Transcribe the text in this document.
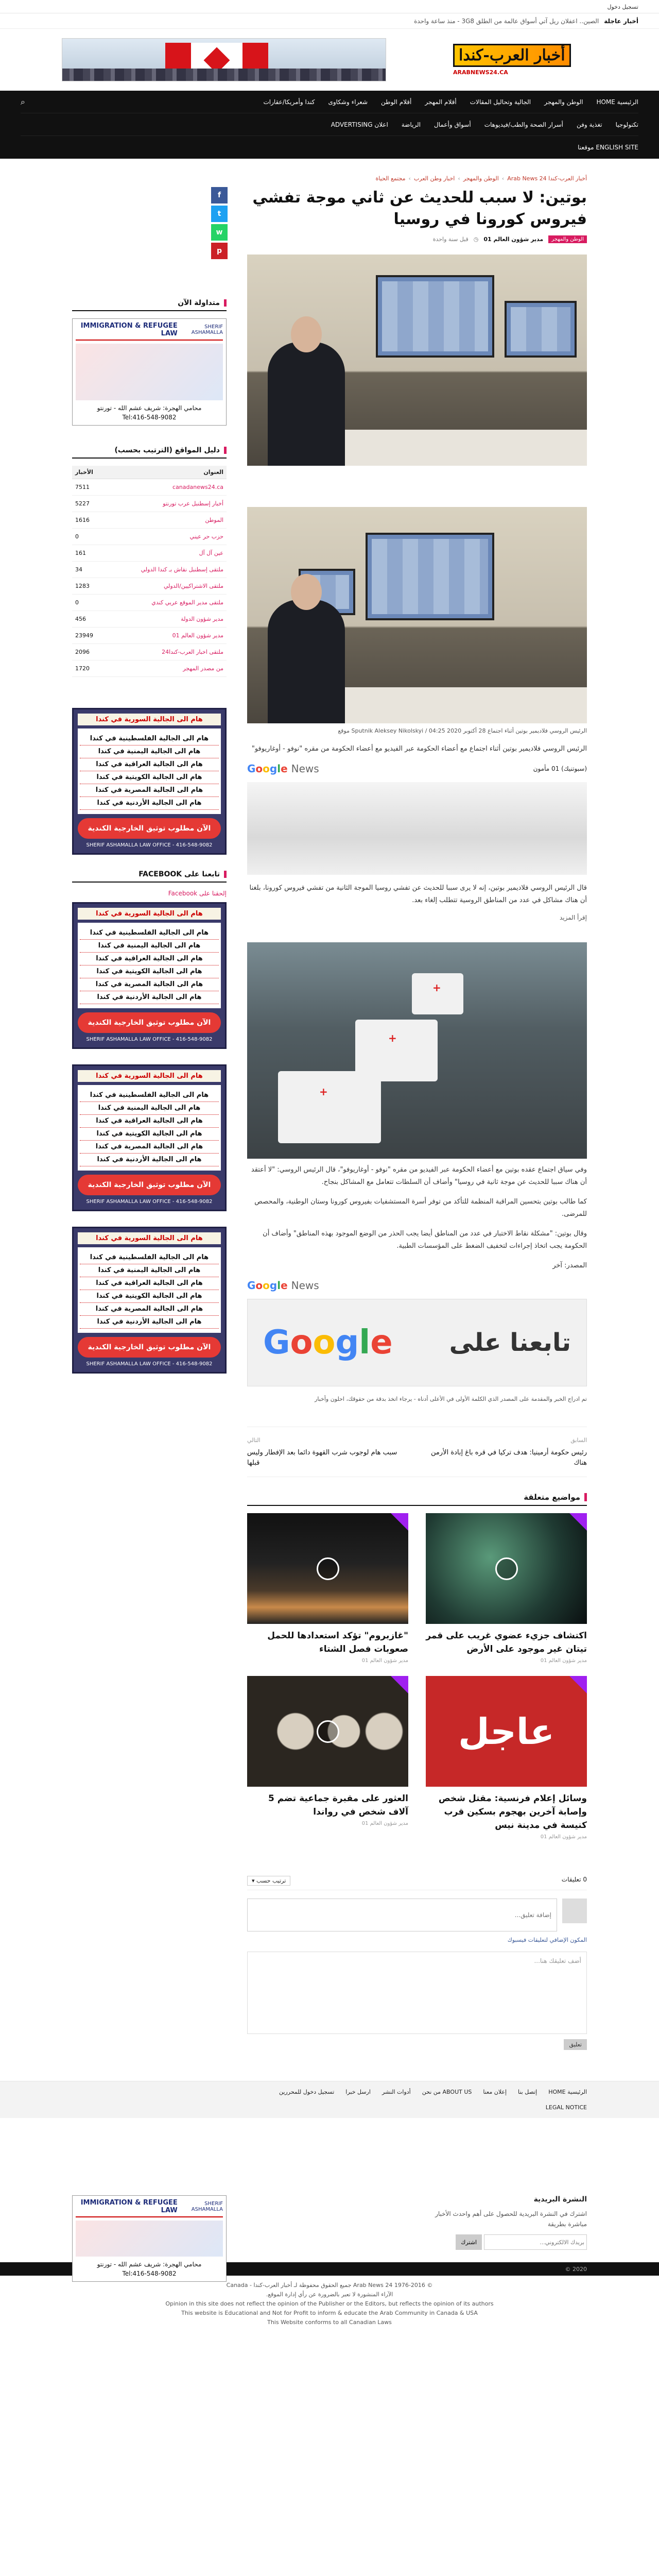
تسجيل دخول
أخبار عاجلة
الصين.. اعفلان ريل آتي أسواق عالمة من الطلق 3G8 - منذ ساعة واحدة
أخبار العرب-كندا
ARABNEWS24.CA
الرئيسية HOME
الوطن والمهجر
الجالية وتحاليل المقالات
أقلام المهجر
أقلام الوطن
شعراء وشكاوى
كندا وأمريكا/عقارات
⌕
تكنولوجيا
تغذية وفن
أسرار الصحة والطب/فيديوهات
أسواق وأعمال
الرياضة
اعلان ADVERTISING
ENGLISH SITE موقعنا
أخبار العرب-كندا Arab News 24
›
الوطن والمهجر
›
اخبار وطن العرب
›
مجتمع الحياة
f
t
w
p
بوتين: لا سبب للحديث عن ثاني موجة تفشي فيروس كورونا في روسيا
الوطن والمهجر
مدير شؤون العالم 01
◷
قبل سنة واحدة

الرئيس الروسي فلاديمير بوتين أثناء اجتماع 28 أكتوبر 2020 Sputnik Aleksey Nikolskyi / 04:25 موقع

الرئيس الروسي فلاديمير بوتين أثناء اجتماع مع أعضاء الحكومة عبر الفيديو مع أعضاء الحكومة من مقره "نوفو - أوغاريوفو"

(سبوتنيك) 01 مأمون
Google News

قال الرئيس الروسي فلاديمير بوتين، إنه لا يرى سببا للحديث عن تفشي روسيا الموجة الثانية من تفشي فيروس كورونا، بلغنا أن هناك مشاكل في عدد من المناطق الروسية تتطلب إلغاء بعد.

إقرأ المزيد
+
+
+

وفي سياق اجتماع عقده بوتين مع أعضاء الحكومة عبر الفيديو من مقره "نوفو - أوغاريوفو"، قال الرئيس الروسي: "لا أعتقد أن هناك سببا للحديث عن موجة ثانية في روسيا" وأضاف أن السلطات تتعامل مع المشاكل بنجاح.

كما طالب بوتين بتحسين المراقبة المنظمة للتأكد من توفر أسرة المستشفيات بفيروس كورونا وستان الوطنية، والمحصص للمرضى.

وقال بوتين: "مشكلة نقاط الاختبار في عدد من المناطق أيضا يجب الحذر من الوضع الموجود بهذه المناطق" وأضاف أن الحكومة يجب اتخاذ إجراءات لتخفيف الضغط على المؤسسات الطبية.

المصدر: آخر

Google News
تابعنا على
Google

تم ادراج الخبر والمقدمة على المصدر الذي الكلمة الأولى في الأعلى أدناه - يرجاء اتخذ بدقة من حقوقك، احلون وأخبار

السابق
رئيس حكومة أرمينيا: هدف تركيا في قره باغ إبادة الأرمن هناك
التالي
سبب هام لوجوب شرب القهوة دائما بعد الإفطار وليس قبلها
مواضيع متعلقة
اكتشاف جزيء عضوي غريب على قمر تيتان غير موجود على الأرض
مدير شؤون العالم 01
"غازبروم" تؤكد استعدادها للحمل صعوبات فصل الشتاء
مدير شؤون العالم 01
عاجل
وسائل إعلام فرنسية: مقتل شخص وإصابة آخرين بهجوم بسكين قرب كنيسة في مدينة نيس
مدير شؤون العالم 01
العثور على مقبرة جماعية تضم 5 آلاف شخص في رواندا
مدير شؤون العالم 01
0 تعليقات
ترتيب حسب ▾
إضافة تعليق...
المكون الإضافي لتعليقات فيسبوك
أضف تعليقك هنا...
تعليق
متداولة الآن
SHERIF ASHAMALLA
IMMIGRATION & REFUGEE LAW
محامي الهجرة: شريف عشم الله - تورنتو
Tel:416-548-9082
دليل المواقع (الترتيب بحسب)
العنوان	الأخبار
canadanews24.ca	7511
أخبار إسطنبل عرب تورنتو	5227
الموطن	1616
حزب حر عيني	0
عين آل آل	161
ملتقى إسطنبل نقاش بـ كندا الدولي	34
ملتقى الاشتراكيين/الدولي	1283
ملتقى مدير الموقع عربي كندي	0
مدير شؤون الدولة	456
مدير شؤون العالم 01	23949
ملتقى اخبار العرب-كندا24	2096
من مصدر المهجر	1720
هام الى الجالية السورية في كندا
هام الى الجالية الفلسطينية في كندا
هام الى الجالية اليمنية في كندا
هام الى الجالية العراقية في كندا
هام الى الجالية الكويتية في كندا
هام الى الجالية المصرية في كندا
هام الى الجالية الأردنية في كندا
الآن مطلوب توثيق الخارجية الكندية
SHERIF ASHAMALLA LAW OFFICE - 416-548-9082
تابعنا على FACEBOOK
إلحقنا على Facebook
هام الى الجالية السورية في كندا
هام الى الجالية الفلسطينية في كندا
هام الى الجالية اليمنية في كندا
هام الى الجالية العراقية في كندا
هام الى الجالية الكويتية في كندا
هام الى الجالية المصرية في كندا
هام الى الجالية الأردنية في كندا
الآن مطلوب توثيق الخارجية الكندية
SHERIF ASHAMALLA LAW OFFICE - 416-548-9082
هام الى الجالية السورية في كندا
هام الى الجالية الفلسطينية في كندا
هام الى الجالية اليمنية في كندا
هام الى الجالية العراقية في كندا
هام الى الجالية الكويتية في كندا
هام الى الجالية المصرية في كندا
هام الى الجالية الأردنية في كندا
الآن مطلوب توثيق الخارجية الكندية
SHERIF ASHAMALLA LAW OFFICE - 416-548-9082
هام الى الجالية السورية في كندا
هام الى الجالية الفلسطينية في كندا
هام الى الجالية اليمنية في كندا
هام الى الجالية العراقية في كندا
هام الى الجالية الكويتية في كندا
هام الى الجالية المصرية في كندا
هام الى الجالية الأردنية في كندا
الآن مطلوب توثيق الخارجية الكندية
SHERIF ASHAMALLA LAW OFFICE - 416-548-9082
الرئيسية HOME
إتصل بنا
إعلان معنا
ABOUT US من نحن
أدوات النشر
ارسل خبرا
تسجيل دخول للمحررين
LEGAL NOTICE
النشرة البريدية
اشترك في النشرة البريدية للحصول على أهم واحدث الأخبار مباشرة بطريقة
بريدك الالكتروني...
اشترك
SHERIF ASHAMALLA
IMMIGRATION & REFUGEE LAW
محامي الهجرة: شريف عشم الله - تورنتو
Tel:416-548-9082
2020 ©
© 1976-2016 Arab News 24 جميع الحقوق محفوظة لـ أخبار العرب-كندا - Canada
الآراء المنشورة لا تعبر بالضرورة عن رأي إدارة الموقع.
Opinion in this site does not reflect the opinion of the Publisher or the Editors, but reflects the opinion of its authors
This website is Educational and Not for Profit to inform & educate the Arab Community in Canada & USA
This Website conforms to all Canadian Laws
